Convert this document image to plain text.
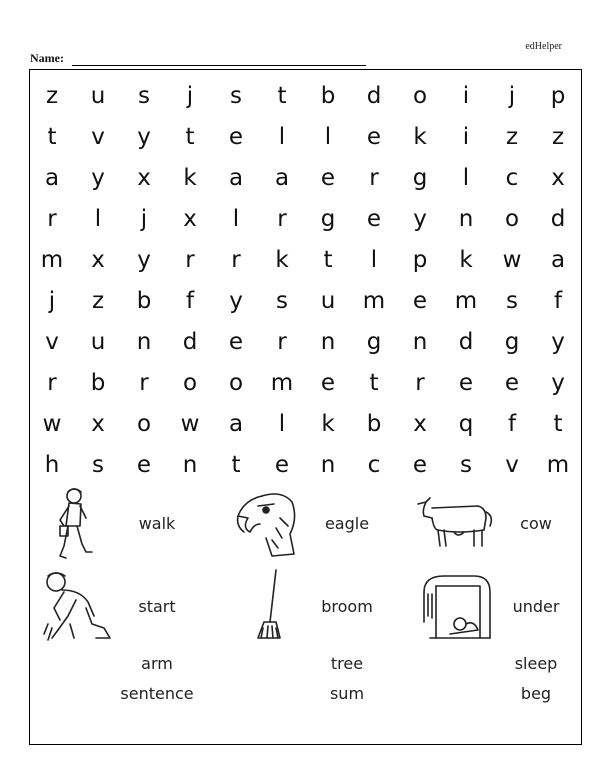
edHelper
Name:
z	u	s	j	s	t	b	d	o	i	j	p
t	v	y	t	e	l	l	e	k	i	z	z
a	y	x	k	a	a	e	r	g	l	c	x
r	l	j	x	l	r	g	e	y	n	o	d
m	x	y	r	r	k	t	l	p	k	w	a
j	z	b	f	y	s	u	m	e	m	s	f
v	u	n	d	e	r	n	g	n	d	g	y
r	b	r	o	o	m	e	t	r	e	e	y
w	x	o	w	a	l	k	b	x	q	f	t
h	s	e	n	t	e	n	c	e	s	v	m
walk	eagle	cow
start	broom	under
arm	tree	sleep
sentence	sum	beg
